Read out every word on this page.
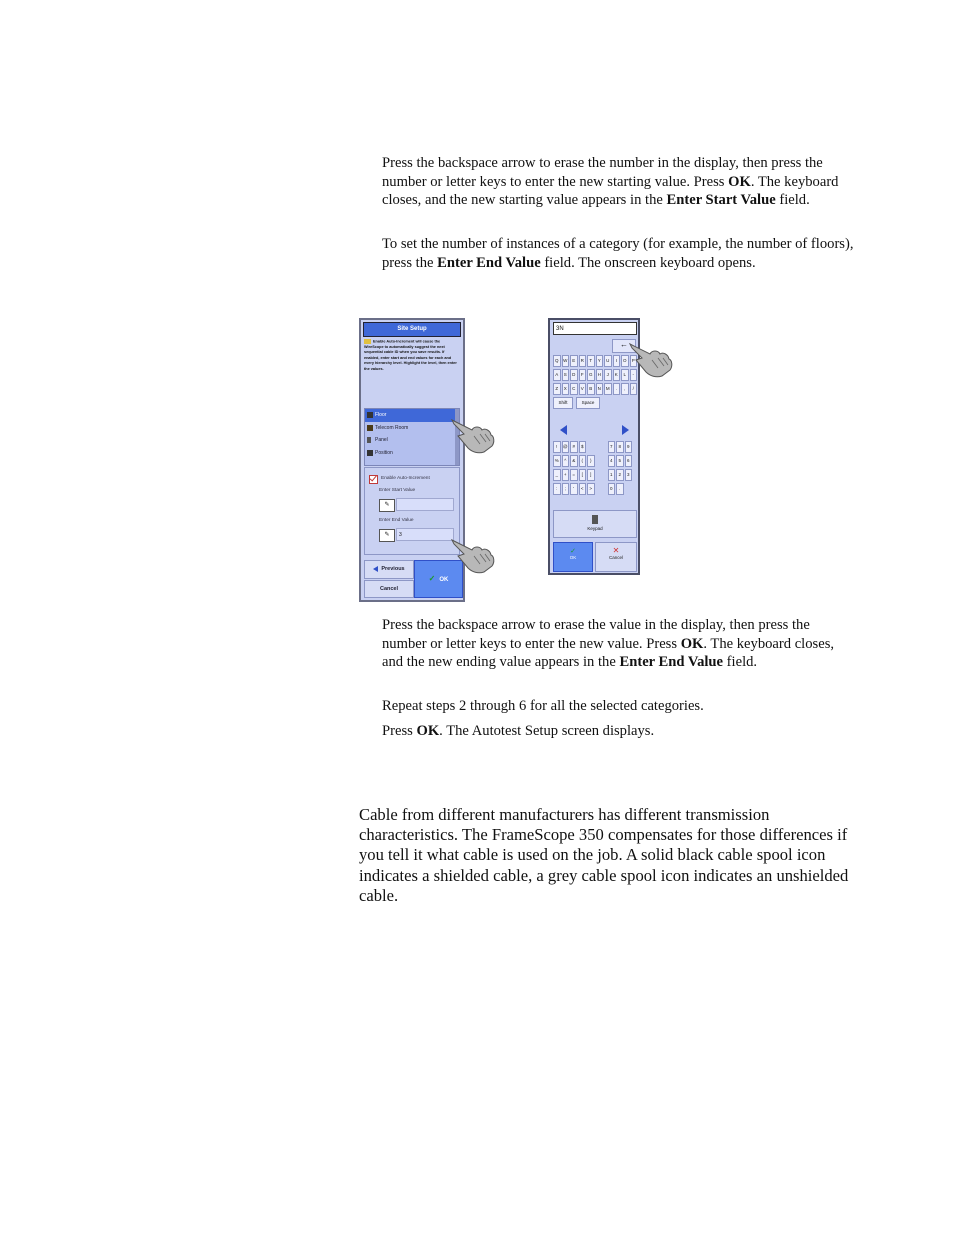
Press the backspace arrow to erase the number in the display, then press the number or letter keys to enter the new starting value. Press OK. The keyboard closes, and the new starting value appears in the Enter Start Value field.

To set the number of instances of a category (for example, the number of floors), press the Enter End Value field. The onscreen keyboard opens.

Site Setup
Enable Auto-Increment will cause the WireScope to automatically suggest the next sequential cable ID when you save results. If enabled, enter start and end values for each and every hierarchy level. Highlight the level, then enter the values.
Floor
Telecom Room
Panel
Position
Enable Auto-Increment
Enter Start Value
✎
Enter End Value
✎	3
Previous
Cancel
✓ OK
3N
←
Q	W	E	R	T	Y	U	I	O	P
A	S	D	F	G	H	J	K	L	-
Z	X	C	V	B	N	M	.	,	/
Shift	Space
!	@	#	$	7	8	9
%	^	&	(	)	4	5	6
_	+	=	[	]	1	2	3
:	;	'	<	>	0	.
Keypad
✓
OK
✕
Cancel

Press the backspace arrow to erase the value in the display, then press the number or letter keys to enter the new value. Press OK. The keyboard closes, and the new ending value appears in the Enter End Value field.

Repeat steps 2 through 6 for all the selected categories.

Press OK. The Autotest Setup screen displays.

Cable from different manufacturers has different transmission characteristics. The FrameScope 350 compensates for those differences if you tell it what cable is used on the job. A solid black cable spool icon indicates a shielded cable, a grey cable spool icon indicates an unshielded cable.
